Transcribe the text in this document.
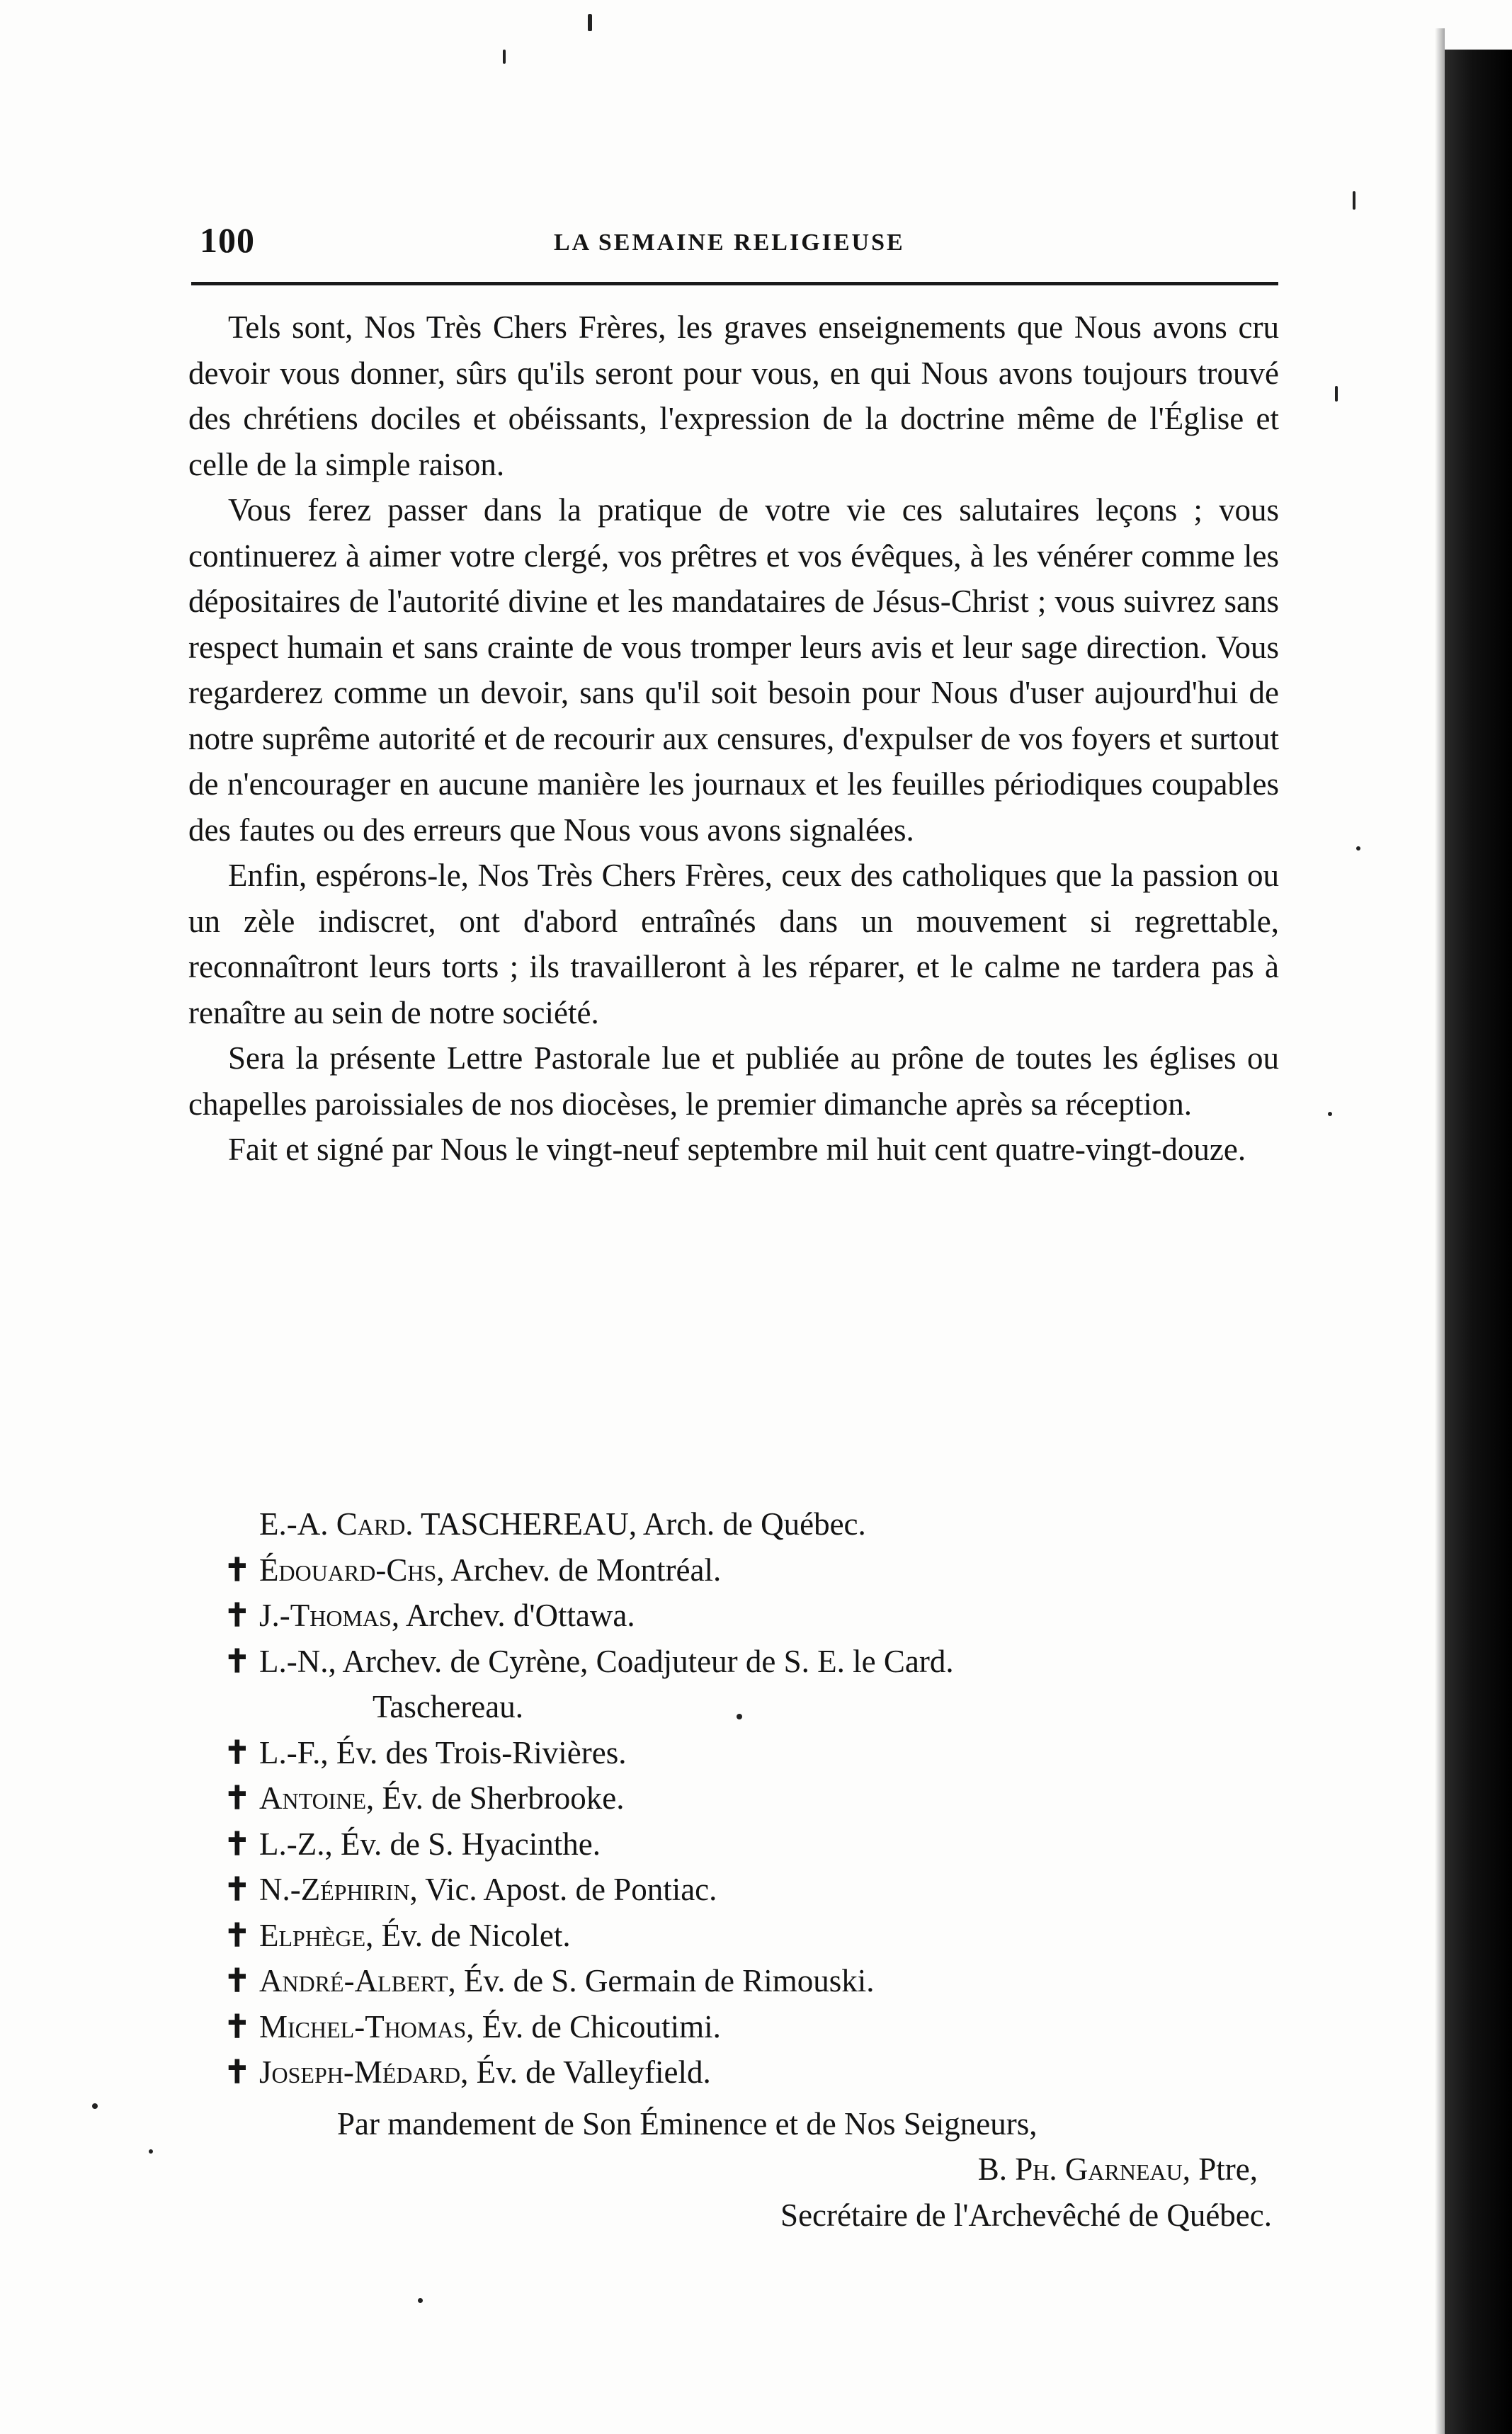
100	LA SEMAINE RELIGIEUSE

Tels sont, Nos Très Chers Frères, les graves enseignements que Nous avons cru devoir vous donner, sûrs qu'ils seront pour vous, en qui Nous avons toujours trouvé des chrétiens dociles et obéissants, l'expression de la doctrine même de l'Église et celle de la simple raison.

Vous ferez passer dans la pratique de votre vie ces salutaires leçons ; vous continuerez à aimer votre clergé, vos prêtres et vos évêques, à les vénérer comme les dépositaires de l'autorité divine et les mandataires de Jésus-Christ ; vous suivrez sans respect humain et sans crainte de vous tromper leurs avis et leur sage direction. Vous regarderez comme un devoir, sans qu'il soit besoin pour Nous d'user aujourd'hui de notre suprême autorité et de recourir aux censures, d'expulser de vos foyers et surtout de n'encourager en aucune manière les journaux et les feuilles périodiques coupables des fautes ou des erreurs que Nous vous avons signalées.

Enfin, espérons-le, Nos Très Chers Frères, ceux des catholiques que la passion ou un zèle indiscret, ont d'abord entraînés dans un mouvement si regrettable, reconnaîtront leurs torts ; ils travailleront à les réparer, et le calme ne tardera pas à renaître au sein de notre société.

Sera la présente Lettre Pastorale lue et publiée au prône de toutes les églises ou chapelles paroissiales de nos diocèses, le premier dimanche après sa réception.

Fait et signé par Nous le vingt-neuf septembre mil huit cent quatre-vingt-douze.

E.-A. Card. TASCHEREAU, Arch. de Québec.

✝ Édouard-Chs, Archev. de Montréal.

✝ J.-Thomas, Archev. d'Ottawa.

✝ L.-N., Archev. de Cyrène, Coadjuteur de S. E. le Card.

Taschereau.

✝ L.-F., Év. des Trois-Rivières.

✝ Antoine, Év. de Sherbrooke.

✝ L.-Z., Év. de S. Hyacinthe.

✝ N.-Zéphirin, Vic. Apost. de Pontiac.

✝ Elphège, Év. de Nicolet.

✝ André-Albert, Év. de S. Germain de Rimouski.

✝ Michel-Thomas, Év. de Chicoutimi.

✝ Joseph-Médard, Év. de Valleyfield.

Par mandement de Son Éminence et de Nos Seigneurs,

B. Ph. Garneau, Ptre,

Secrétaire de l'Archevêché de Québec.
